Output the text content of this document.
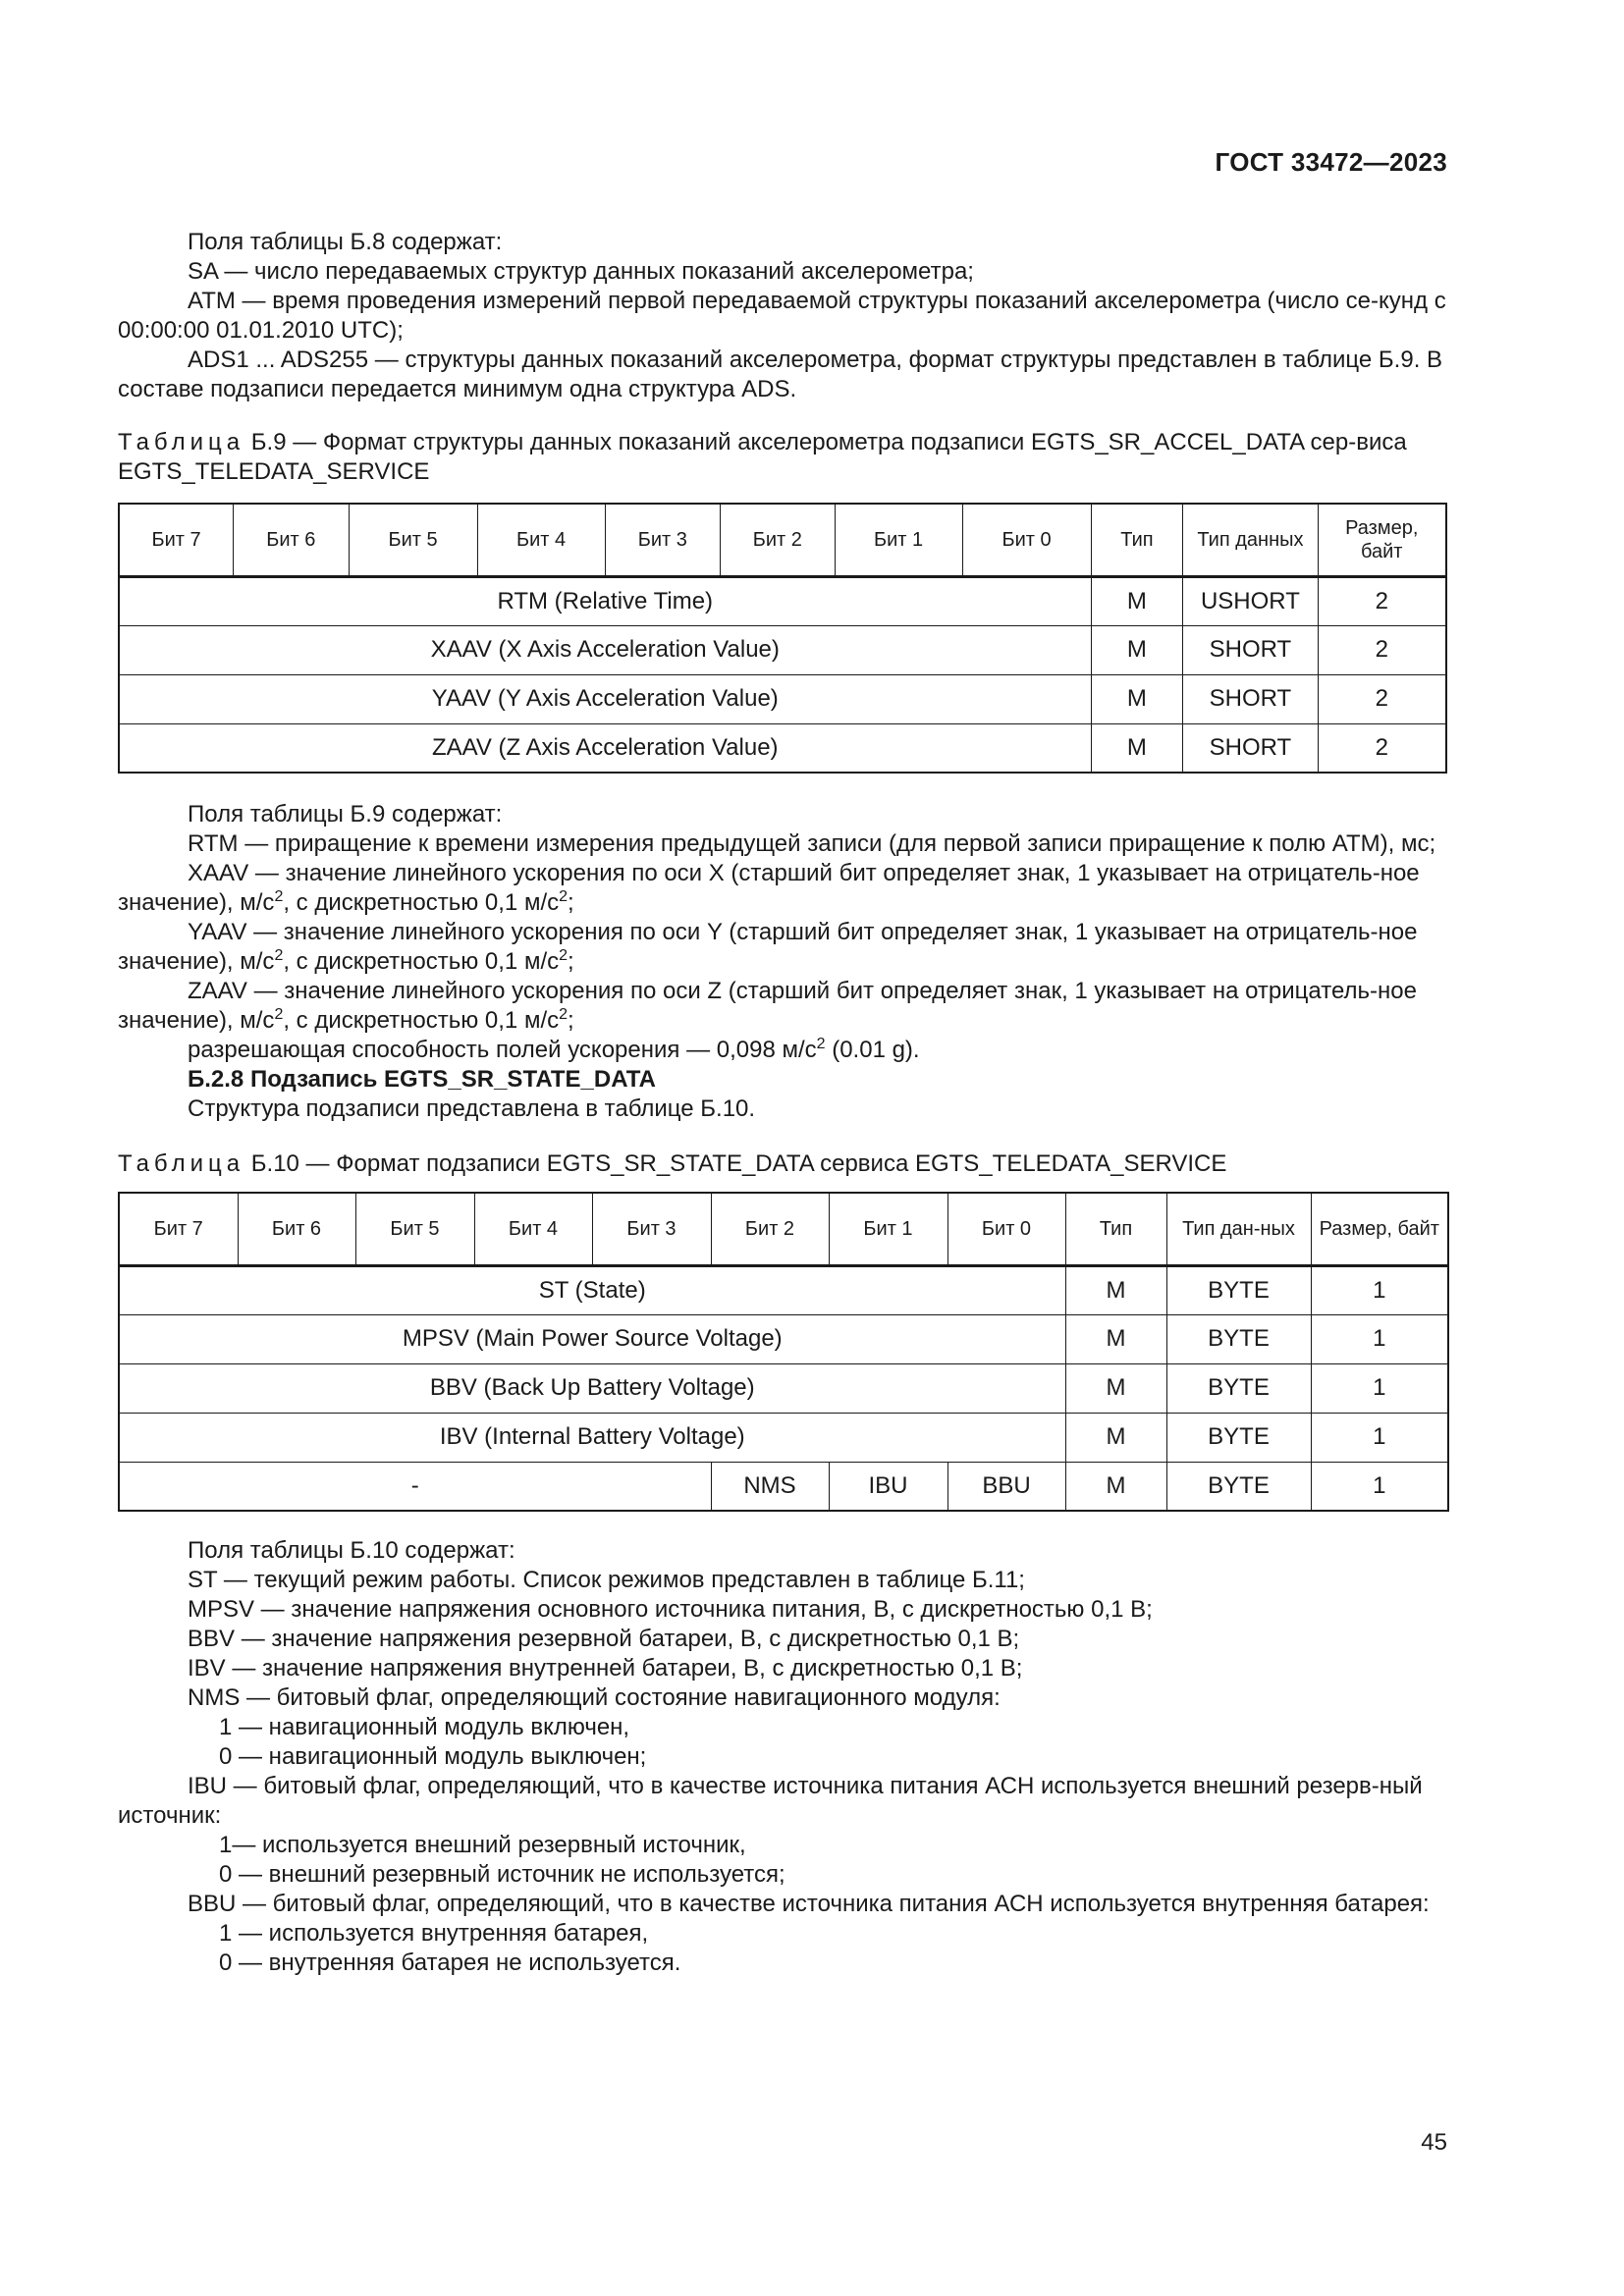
ГОСТ 33472—2023

Поля таблицы Б.8 содержат:

SA — число передаваемых структур данных показаний акселерометра;

ATM — время проведения измерений первой передаваемой структуры показаний акселерометра (число се-кунд с 00:00:00 01.01.2010 UTC);

ADS1 ... ADS255 — структуры данных показаний акселерометра, формат структуры представлен в таблице Б.9. В составе подзаписи передается минимум одна структура ADS.

Таблица Б.9 — Формат структуры данных показаний акселерометра подзаписи EGTS_SR_ACCEL_DATA сер-виса EGTS_TELEDATA_SERVICE
Бит 7	Бит 6	Бит 5	Бит 4	Бит 3	Бит 2	Бит 1	Бит 0	Тип	Тип данных	Размер, байт
RTM (Relative Time)								M	USHORT	2
XAAV (X Axis Acceleration Value)								M	SHORT	2
YAAV (Y Axis Acceleration Value)								M	SHORT	2
ZAAV (Z Axis Acceleration Value)								M	SHORT	2

Поля таблицы Б.9 содержат:

RTM — приращение к времени измерения предыдущей записи (для первой записи приращение к полю ATM), мс;

XAAV — значение линейного ускорения по оси X (старший бит определяет знак, 1 указывает на отрицатель-ное значение), $м/с^2$, с дискретностью 0,1 $м/с^2$;

YAAV — значение линейного ускорения по оси Y (старший бит определяет знак, 1 указывает на отрицатель-ное значение), $м/с^2$, с дискретностью 0,1 $м/с^2$;

ZAAV — значение линейного ускорения по оси Z (старший бит определяет знак, 1 указывает на отрицатель-ное значение), $м/с^2$, с дискретностью 0,1 $м/с^2$;

разрешающая способность полей ускорения — 0,098 $м/с^2$ (0.01 g).

Б.2.8 Подзапись EGTS_SR_STATE_DATA

Структура подзаписи представлена в таблице Б.10.

Таблица Б.10 — Формат подзаписи EGTS_SR_STATE_DATA сервиса EGTS_TELEDATA_SERVICE
Бит 7	Бит 6	Бит 5	Бит 4	Бит 3	Бит 2	Бит 1	Бит 0	Тип	Тип дан-ных	Размер, байт
ST (State)								M	BYTE	1
MPSV (Main Power Source Voltage)								M	BYTE	1
BBV (Back Up Battery Voltage)								M	BYTE	1
IBV (Internal Battery Voltage)								M	BYTE	1
-					NMS	IBU	BBU	M	BYTE	1

Поля таблицы Б.10 содержат:

ST — текущий режим работы. Список режимов представлен в таблице Б.11;

MPSV — значение напряжения основного источника питания, В, с дискретностью 0,1 В;

BBV — значение напряжения резервной батареи, В, с дискретностью 0,1 В;

IBV — значение напряжения внутренней батареи, В, с дискретностью 0,1 В;

NMS — битовый флаг, определяющий состояние навигационного модуля:

1 — навигационный модуль включен,

0 — навигационный модуль выключен;

IBU — битовый флаг, определяющий, что в качестве источника питания АСН используется внешний резерв-ный источник:

1— используется внешний резервный источник,

0 — внешний резервный источник не используется;

BBU — битовый флаг, определяющий, что в качестве источника питания АСН используется внутренняя батарея:

1 — используется внутренняя батарея,

0 — внутренняя батарея не используется.

45
